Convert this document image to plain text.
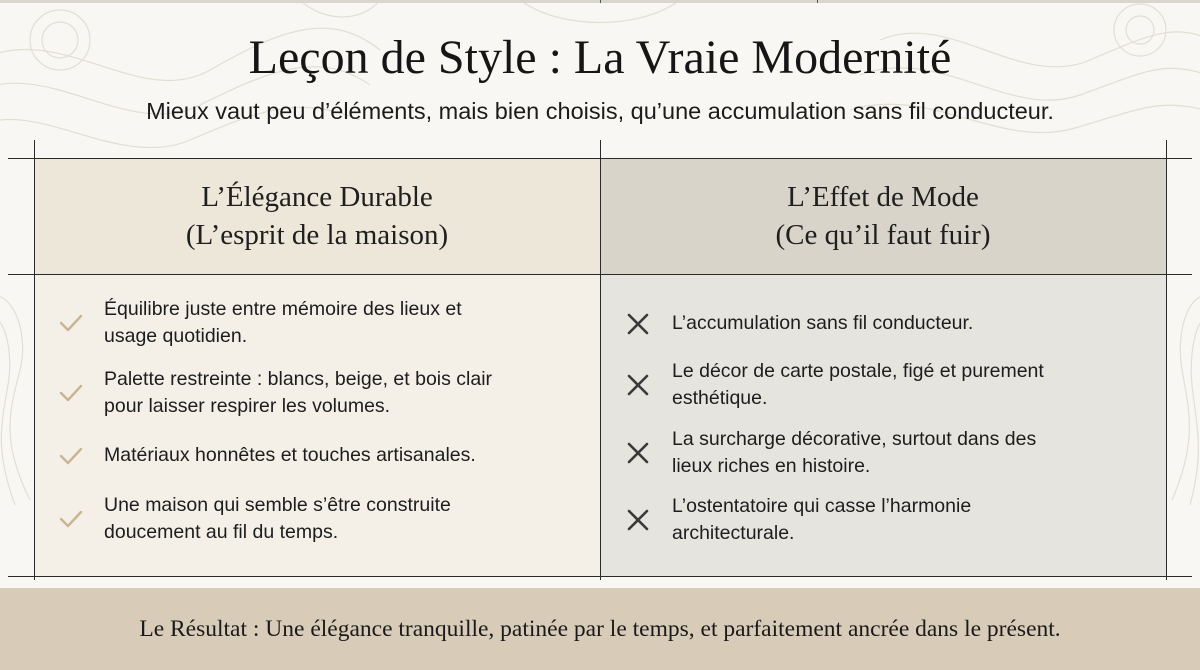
Leçon de Style : La Vraie Modernité
Mieux vaut peu d’éléments, mais bien choisis, qu’une accumulation sans fil conducteur.
L’Élégance Durable
(L’esprit de la maison)
L’Effet de Mode
(Ce qu’il faut fuir)
Équilibre juste entre mémoire des lieux et
usage quotidien.
Palette restreinte : blancs, beige, et bois clair
pour laisser respirer les volumes.
Matériaux honnêtes et touches artisanales.
Une maison qui semble s’être construite
doucement au fil du temps.
L’accumulation sans fil conducteur.
Le décor de carte postale, figé et purement
esthétique.
La surcharge décorative, surtout dans des
lieux riches en histoire.
L’ostentatoire qui casse l’harmonie
architecturale.
Le Résultat : Une élégance tranquille, patinée par le temps, et parfaitement ancrée dans le présent.
